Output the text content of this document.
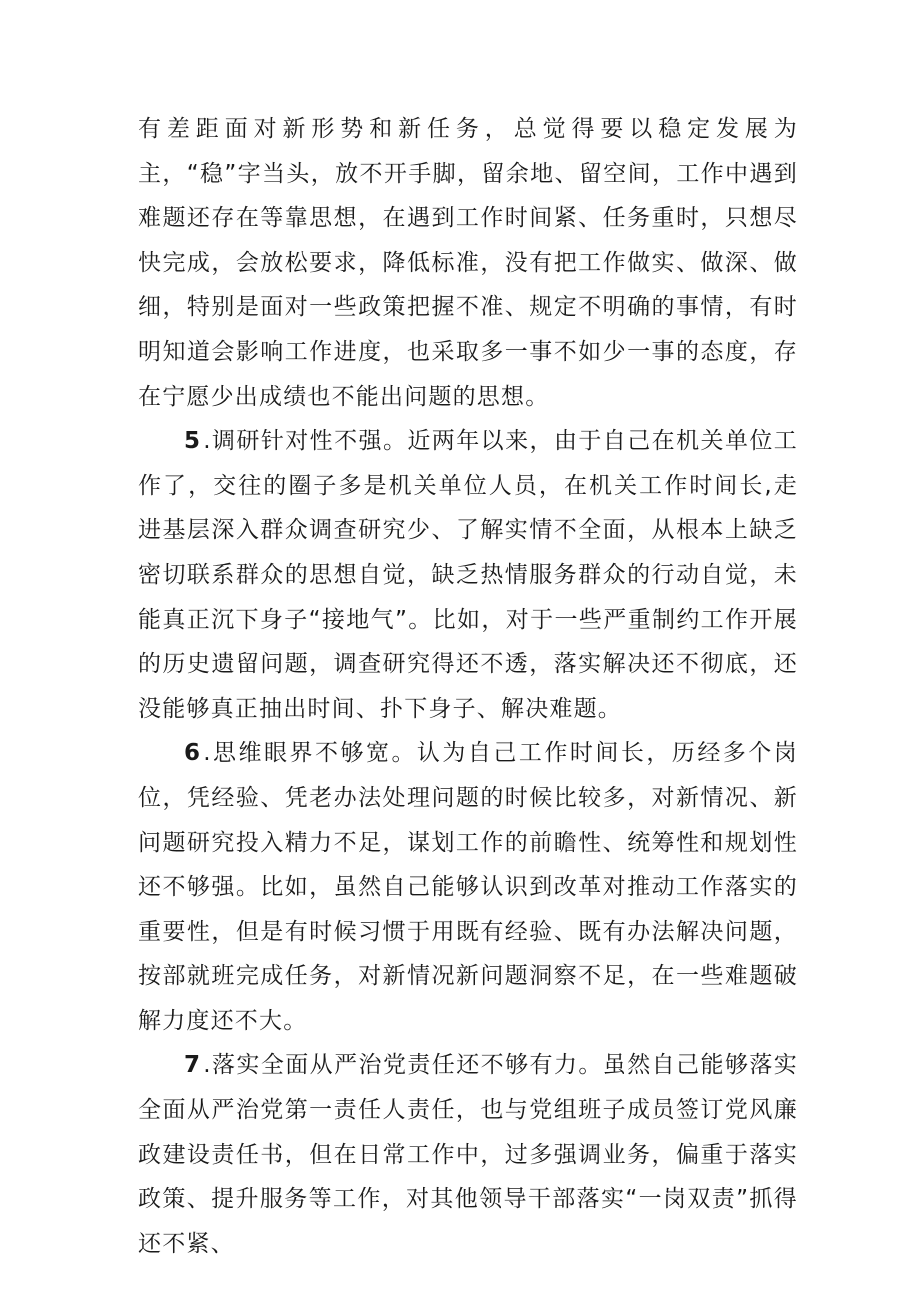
有差距面对新形势和新任务，总觉得要以稳定发展为主，“稳”字当头，放不开手脚，留余地、留空间，工作中遇到难题还存在等靠思想，在遇到工作时间紧、任务重时，只想尽快完成，会放松要求，降低标准，没有把工作做实、做深、做细，特别是面对一些政策把握不准、规定不明确的事情，有时明知道会影响工作进度，也采取多一事不如少一事的态度，存在宁愿少出成绩也不能出问题的思想。

5.调研针对性不强。近两年以来，由于自己在机关单位工作了，交往的圈子多是机关单位人员，在机关工作时间长,走进基层深入群众调查研究少、了解实情不全面，从根本上缺乏密切联系群众的思想自觉，缺乏热情服务群众的行动自觉，未能真正沉下身子“接地气”。比如，对于一些严重制约工作开展的历史遗留问题，调查研究得还不透，落实解决还不彻底，还没能够真正抽出时间、扑下身子、解决难题。

6.思维眼界不够宽。认为自己工作时间长，历经多个岗位，凭经验、凭老办法处理问题的时候比较多，对新情况、新问题研究投入精力不足，谋划工作的前瞻性、统筹性和规划性还不够强。比如，虽然自己能够认识到改革对推动工作落实的重要性，但是有时候习惯于用既有经验、既有办法解决问题，按部就班完成任务，对新情况新问题洞察不足，在一些难题破解力度还不大。

7.落实全面从严治党责任还不够有力。虽然自己能够落实全面从严治党第一责任人责任，也与党组班子成员签订党风廉政建设责任书，但在日常工作中，过多强调业务，偏重于落实政策、提升服务等工作，对其他领导干部落实“一岗双责”抓得还不紧、
